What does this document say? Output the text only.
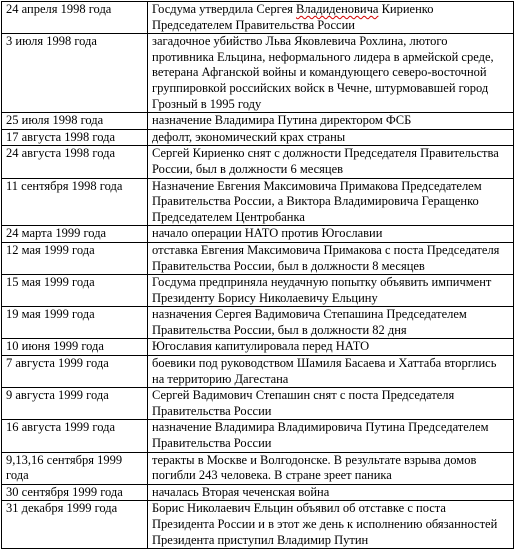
24 апреля 1998 года	Госдума утвердила Сергея Владиденовича Кириенко Председателем Правительства России
3 июля 1998 года	загадочное убийство Льва Яковлевича Рохлина, лютого противника Ельцина, неформального лидера в армейской среде, ветерана Афганской войны и командующего северо-восточной группировкой российских войск в Чечне, штурмовавшей город Грозный в 1995 году
25 июля 1998 года	назначение Владимира Путина директором ФСБ
17 августа 1998 года	дефолт, экономический крах страны
24 августа 1998 года	Сергей Кириенко снят с должности Председателя Правительства России, был в должности 6 месяцев
11 сентября 1998 года	Назначение Евгения Максимовича Примакова Председателем Правительства России, а Виктора Владимировича Геращенко Председателем Центробанка
24 марта 1999 года	начало операции НАТО против Югославии
12 мая 1999 года	отставка Евгения Максимовича Примакова с поста Председателя Правительства России, был в должности 8 месяцев
15 мая 1999 года	Госдума предприняла неудачную попытку объявить импичмент Президенту Борису Николаевичу Ельцину
19 мая 1999 года	назначения Сергея Вадимовича Степашина Председателем Правительства России, был в должности 82 дня
10 июня 1999 года	Югославия капитулировала перед НАТО
7 августа 1999 года	боевики под руководством Шамиля Басаева и Хаттаба вторглись на территорию Дагестана
9 августа 1999 года	Сергей Вадимович Степашин снят с поста Председателя Правительства России
16 августа 1999 года	назначение Владимира Владимировича Путина Председателем Правительства России
9,13,16 сентября 1999 года	теракты в Москве и Волгодонске. В результате взрыва домов погибли 243 человека. В стране зреет паника
30 сентября 1999 года	началась Вторая чеченская война
31 декабря 1999 года	Борис Николаевич Ельцин объявил об отставке с поста Президента России и в этот же день к исполнению обязанностей Президента приступил Владимир Путин
